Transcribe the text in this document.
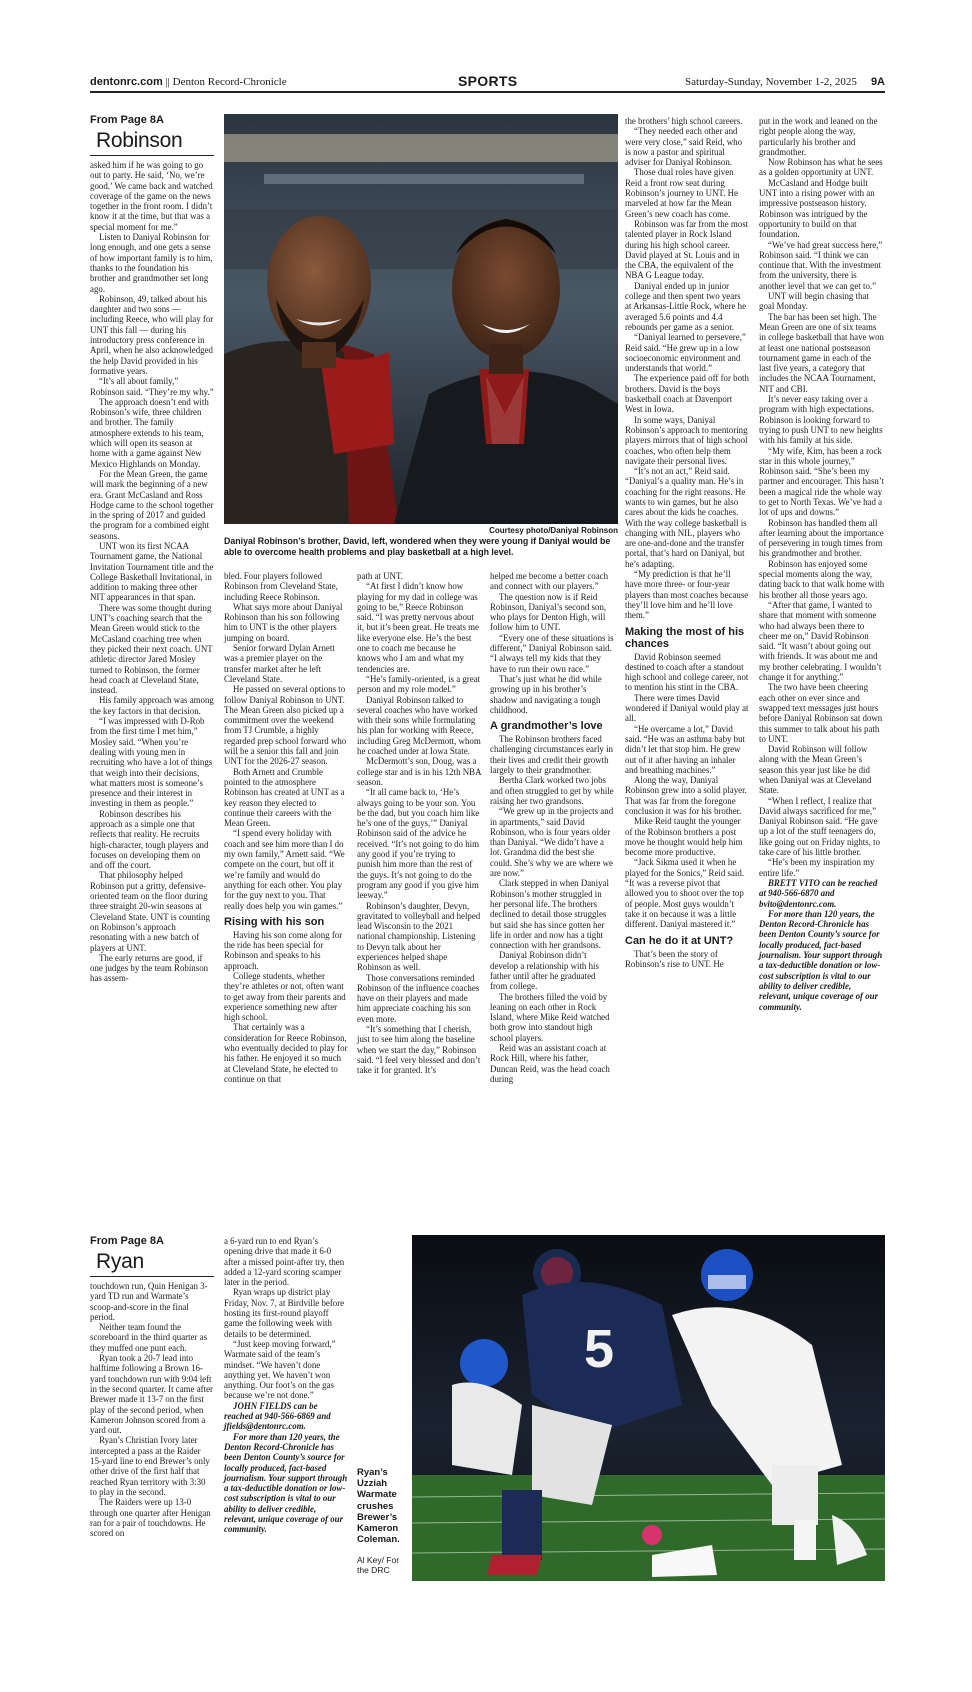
dentonrc.com || Denton Record-Chronicle	SPORTS	Saturday-Sunday, November 1-2, 2025 9A
From Page 8A
Robinson

asked him if he was going to go out to party. He said, ‘No, we’re good.’ We came back and watched coverage of the game on the news together in the front room. I didn’t know it at the time, but that was a special moment for me.”

Listen to Daniyal Robinson for long enough, and one gets a sense of how important family is to him, thanks to the foundation his brother and grandmother set long ago.

Robinson, 49, talked about his daughter and two sons — including Reece, who will play for UNT this fall — during his introductory press conference in April, when he also acknowledged the help David provided in his formative years.

“It’s all about family,” Robinson said. “They’re my why.”

The approach doesn’t end with Robinson’s wife, three children and brother. The family atmosphere extends to his team, which will open its season at home with a game against New Mexico Highlands on Monday.

For the Mean Green, the game will mark the beginning of a new era. Grant McCasland and Ross Hodge came to the school together in the spring of 2017 and guided the program for a combined eight seasons.

UNT won its first NCAA Tournament game, the National Invitation Tournament title and the College Basketball Invitational, in addition to making three other NIT appearances in that span.

There was some thought during UNT’s coaching search that the Mean Green would stick to the McCasland coaching tree when they picked their next coach. UNT athletic director Jared Mosley turned to Robinson, the former head coach at Cleveland State, instead.

His family approach was among the key factors in that decision.

“I was impressed with D-Rob from the first time I met him,” Mosley said. “When you’re dealing with young men in recruiting who have a lot of things that weigh into their decisions, what matters most is someone’s presence and their interest in investing in them as people.”

Robinson describes his approach as a simple one that reflects that reality. He recruits high-character, tough players and focuses on developing them on and off the court.

That philosophy helped Robinson put a gritty, defensive-oriented team on the floor during three straight 20-win seasons at Cleveland State. UNT is counting on Robinson’s approach resonating with a new batch of players at UNT.

The early returns are good, if one judges by the team Robinson has assem-

Courtesy photo/Daniyal Robinson
Daniyal Robinson’s brother, David, left, wondered when they were young if Daniyal would be able to overcome health problems and play basketball at a high level.

bled. Four players followed Robinson from Cleveland State, including Reece Robinson.

What says more about Daniyal Robinson than his son following him to UNT is the other players jumping on board.

Senior forward Dylan Arnett was a premier player on the transfer market after he left Cleveland State.

He passed on several options to follow Daniyal Robinson to UNT. The Mean Green also picked up a commitment over the weekend from TJ Crumble, a highly regarded prep school forward who will be a senior this fall and join UNT for the 2026-27 season.

Both Arnett and Crumble pointed to the atmosphere Robinson has created at UNT as a key reason they elected to continue their careers with the Mean Green.

“I spend every holiday with coach and see him more than I do my own family,” Arnett said. “We compete on the court, but off it we’re family and would do anything for each other. You play for the guy next to you. That really does help you win games.”

Rising with his son

Having his son come along for the ride has been special for Robinson and speaks to his approach.

College students, whether they’re athletes or not, often want to get away from their parents and experience something new after high school.

That certainly was a consideration for Reece Robinson, who eventually decided to play for his father. He enjoyed it so much at Cleveland State, he elected to continue on that

path at UNT.

“At first I didn’t know how playing for my dad in college was going to be,” Reece Robinson said. “I was pretty nervous about it, but it’s been great. He treats me like everyone else. He’s the best one to coach me because he knows who I am and what my tendencies are.

“He’s family-oriented, is a great person and my role model.”

Daniyal Robinson talked to several coaches who have worked with their sons while formulating his plan for working with Reece, including Greg McDermott, whom he coached under at Iowa State.

McDermott’s son, Doug, was a college star and is in his 12th NBA season.

“It all came back to, ‘He’s always going to be your son. You be the dad, but you coach him like he’s one of the guys,’” Daniyal Robinson said of the advice he received. “It’s not going to do him any good if you’re trying to punish him more than the rest of the guys. It’s not going to do the program any good if you give him leeway.”

Robinson’s daughter, Devyn, gravitated to volleyball and helped lead Wisconsin to the 2021 national championship. Listening to Devyn talk about her experiences helped shape Robinson as well.

Those conversations reminded Robinson of the influence coaches have on their players and made him appreciate coaching his son even more.

“It’s something that I cherish, just to see him along the baseline when we start the day,” Robinson said. “I feel very blessed and don’t take it for granted. It’s

helped me become a better coach and connect with our players.”

The question now is if Reid Robinson, Daniyal’s second son, who plays for Denton High, will follow him to UNT.

“Every one of these situations is different,” Daniyal Robinson said. “I always tell my kids that they have to run their own race.”

That’s just what he did while growing up in his brother’s shadow and navigating a tough childhood.

A grandmother’s love

The Robinson brothers faced challenging circumstances early in their lives and credit their growth largely to their grandmother.

Bertha Clark worked two jobs and often struggled to get by while raising her two grandsons.

“We grew up in the projects and in apartments,” said David Robinson, who is four years older than Daniyal. “We didn’t have a lot. Grandma did the best she could. She’s why we are where we are now.”

Clark stepped in when Daniyal Robinson’s mother struggled in her personal life. The brothers declined to detail those struggles but said she has since gotten her life in order and now has a tight connection with her grandsons.

Daniyal Robinson didn’t develop a relationship with his father until after he graduated from college.

The brothers filled the void by leaning on each other in Rock Island, where Mike Reid watched both grow into standout high school players.

Reid was an assistant coach at Rock Hill, where his father, Duncan Reid, was the head coach during

the brothers’ high school careers.

“They needed each other and were very close,” said Reid, who is now a pastor and spiritual adviser for Daniyal Robinson.

Those dual roles have given Reid a front row seat during Robinson’s journey to UNT. He marveled at how far the Mean Green’s new coach has come.

Robinson was far from the most talented player in Rock Island during his high school career. David played at St. Louis and in the CBA, the equivalent of the NBA G League today.

Daniyal ended up in junior college and then spent two years at Arkansas-Little Rock, where he averaged 5.6 points and 4.4 rebounds per game as a senior.

“Daniyal learned to persevere,” Reid said. “He grew up in a low socioeconomic environment and understands that world.”

The experience paid off for both brothers. David is the boys basketball coach at Davenport West in Iowa.

In some ways, Daniyal Robinson’s approach to mentoring players mirrors that of high school coaches, who often help them navigate their personal lives.

“It’s not an act,” Reid said. “Daniyal’s a quality man. He’s in coaching for the right reasons. He wants to win games, but he also cares about the kids he coaches. With the way college basketball is changing with NIL, players who are one-and-done and the transfer portal, that’s hard on Daniyal, but he’s adapting.

“My prediction is that he’ll have more three- or four-year players than most coaches because they’ll love him and he’ll love them.”

Making the most of his chances

David Robinson seemed destined to coach after a standout high school and college career, not to mention his stint in the CBA.

There were times David wondered if Daniyal would play at all.

“He overcame a lot,” David said. “He was an asthma baby but didn’t let that stop him. He grew out of it after having an inhaler and breathing machines.”

Along the way, Daniyal Robinson grew into a solid player. That was far from the foregone conclusion it was for his brother.

Mike Reid taught the younger of the Robinson brothers a post move he thought would help him become more productive.

“Jack Sikma used it when he played for the Sonics,” Reid said. “It was a reverse pivot that allowed you to shoot over the top of people. Most guys wouldn’t take it on because it was a little different. Daniyal mastered it.”

Can he do it at UNT?

That’s been the story of Robinson’s rise to UNT. He

put in the work and leaned on the right people along the way, particularly his brother and grandmother.

Now Robinson has what he sees as a golden opportunity at UNT.

McCasland and Hodge built UNT into a rising power with an impressive postseason history. Robinson was intrigued by the opportunity to build on that foundation.

“We’ve had great success here,” Robinson said. “I think we can continue that. With the investment from the university, there is another level that we can get to.”

UNT will begin chasing that goal Monday.

The bar has been set high. The Mean Green are one of six teams in college basketball that have won at least one national postseason tournament game in each of the last five years, a category that includes the NCAA Tournament, NIT and CBI.

It’s never easy taking over a program with high expectations. Robinson is looking forward to trying to push UNT to new heights with his family at his side.

“My wife, Kim, has been a rock star in this whole journey,” Robinson said. “She’s been my partner and encourager. This hasn’t been a magical ride the whole way to get to North Texas. We’ve had a lot of ups and downs.”

Robinson has handled them all after learning about the importance of persevering in tough times from his grandmother and brother.

Robinson has enjoyed some special moments along the way, dating back to that walk home with his brother all those years ago.

“After that game, I wanted to share that moment with someone who had always been there to cheer me on,” David Robinson said. “It wasn’t about going out with friends. It was about me and my brother celebrating. I wouldn’t change it for anything.”

The two have been cheering each other on ever since and swapped text messages just hours before Daniyal Robinson sat down this summer to talk about his path to UNT.

David Robinson will follow along with the Mean Green’s season this year just like he did when Daniyal was at Cleveland State.

“When I reflect, I realize that David always sacrificed for me,” Daniyal Robinson said. “He gave up a lot of the stuff teenagers do, like going out on Friday nights, to take care of his little brother.

“He’s been my inspiration my entire life.”

BRETT VITO can be reached at 940-566-6870 and bvito@dentonrc.com.

For more than 120 years, the Denton Record-Chronicle has been Denton County’s source for locally produced, fact-based journalism. Your support through a tax-deductible donation or low-cost subscription is vital to our ability to deliver credible, relevant, unique coverage of our community.

From Page 8A
Ryan

touchdown run, Quin Henigan 3-yard TD run and Warmate’s scoop-and-score in the final period.

Neither team found the scoreboard in the third quarter as they muffed one punt each.

Ryan took a 20-7 lead into halftime following a Brown 16-yard touchdown run with 9:04 left in the second quarter. It came after Brewer made it 13-7 on the first play of the second period, when Kameron Johnson scored from a yard out.

Ryan’s Christian Ivory later intercepted a pass at the Raider 15-yard line to end Brewer’s only other drive of the first half that reached Ryan territory with 3:30 to play in the second.

The Raiders were up 13-0 through one quarter after Henigan ran for a pair of touchdowns. He scored on

a 6-yard run to end Ryan’s opening drive that made it 6-0 after a missed point-after try, then added a 12-yard scoring scamper later in the period.

Ryan wraps up district play Friday, Nov. 7, at Birdville before hosting its first-round playoff game the following week with details to be determined.

“Just keep moving forward,” Warmate said of the team’s mindset. “We haven’t done anything yet. We haven’t won anything. Our foot’s on the gas because we’re not done.”

JOHN FIELDS can be reached at 940-566-6869 and jfields@dentonrc.com.

For more than 120 years, the Denton Record-Chronicle has been Denton County’s source for locally produced, fact-based journalism. Your support through a tax-deductible donation or low-cost subscription is vital to our ability to deliver credible, relevant, unique coverage of our community.

Ryan’s Uzziah Warmate crushes Brewer’s Kameron Coleman.
Al Key/ For the DRC
5
